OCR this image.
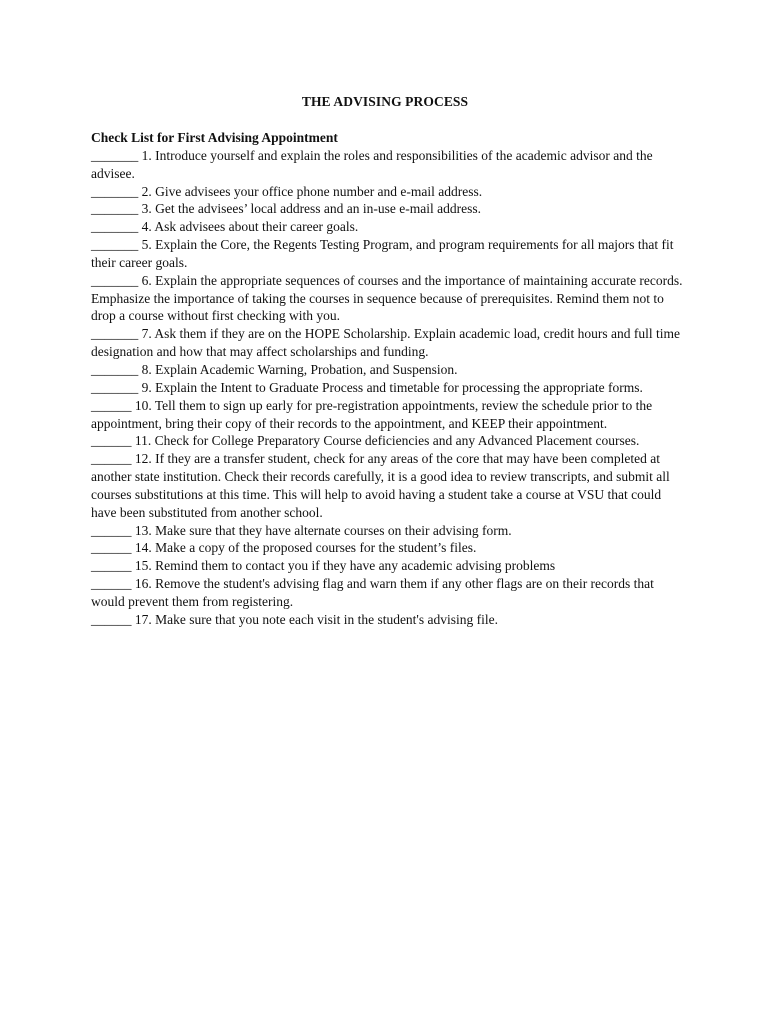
THE ADVISING PROCESS

Check List for First Advising Appointment

_______ 1. Introduce yourself and explain the roles and responsibilities of the academic advisor and the advisee.

_______ 2. Give advisees your office phone number and e-mail address.

_______ 3. Get the advisees’ local address and an in-use e-mail address.

_______ 4. Ask advisees about their career goals.

_______ 5. Explain the Core, the Regents Testing Program, and program requirements for all majors that fit their career goals.

_______ 6. Explain the appropriate sequences of courses and the importance of maintaining accurate records. Emphasize the importance of taking the courses in sequence because of prerequisites. Remind them not to drop a course without first checking with you.

_______ 7. Ask them if they are on the HOPE Scholarship. Explain academic load, credit hours and full time designation and how that may affect scholarships and funding.

_______ 8. Explain Academic Warning, Probation, and Suspension.

_______ 9. Explain the Intent to Graduate Process and timetable for processing the appropriate forms.

______ 10. Tell them to sign up early for pre-registration appointments, review the schedule prior to the appointment, bring their copy of their records to the appointment, and KEEP their appointment.

______ 11. Check for College Preparatory Course deficiencies and any Advanced Placement courses.

______ 12. If they are a transfer student, check for any areas of the core that may have been completed at another state institution. Check their records carefully, it is a good idea to review transcripts, and submit all courses substitutions at this time. This will help to avoid having a student take a course at VSU that could have been substituted from another school.

______ 13. Make sure that they have alternate courses on their advising form.

______ 14. Make a copy of the proposed courses for the student’s files.

______ 15. Remind them to contact you if they have any academic advising problems

______ 16. Remove the student's advising flag and warn them if any other flags are on their records that would prevent them from registering.

______ 17. Make sure that you note each visit in the student's advising file.
